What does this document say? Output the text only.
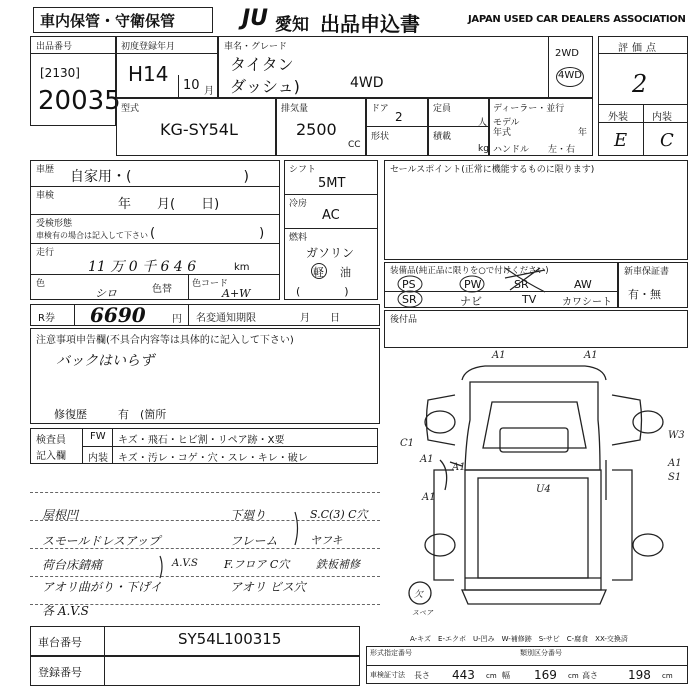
車内保管・守衛保管	JU 愛知 出品申込書	JAPAN USED CAR DEALERS ASSOCIATION
出品番号
[2130]
20035
初度登録年月
H14 10 月
車名・グレード
タイタン
ダッシュ)	4WD
2WD
4WD
評価点
2
外装 内装
E C
型式
KG-SY54L
排気量
2500
CC
ドア
2
形状
定員
人
積載
kg
ディーラー・並行
モデル年式	年
ハンドル 左・右
車歴 自家用・(　　　　　　　　)
車検
年　　月(　　日)
受検形態
車検有の場合は記入して下さい (　　　　　　　　)
走行
11 万 0 千 6 4 6	km
色
シロ	色替 色コード
A+W
シフト
5MT
冷房
AC
燃料
ガソリン
軽 油
(　　　　)
セールスポイント(正常に機能するものに限ります)
装備品(純正品に限りを○で付けください)
PS	PW	SR	AW
SR	ナビ	TV	カワシート
新車保証書
有・無
後付品
R券 6690	円 名変通知期限	月　　日
注意事項申告欄(不具合内容等は具体的に記入して下さい)
バックはいらず
修復歴	有　(箇所
検査員
記入欄
FW キズ・飛石・ヒビ割・リペア跡・X要
内装 キズ・汚レ・コゲ・穴・スレ・キレ・破レ
屋根凹
スモールドレスアップ
荷台床錆痛
アオリ曲がり・下げイ
各 A.V.S
下廻り
フレーム
F.フロア C穴
アオリ ビス穴
S.C(3) C穴
ヤフキ
鉄板補修
A.V.S
A1	A1
C1
A1
A1
A1
W3
S1
A1
U4
欠
スペア
A-キズ　E-エクボ　U-凹み　W-補修跡　S-サビ　C-腐食　XX-交換済
車台番号	SY54L100315
登録番号
形式指定番号	類別区分番号
車検証寸法 長さ 443 cm 幅 169 cm 高さ	198 cm
